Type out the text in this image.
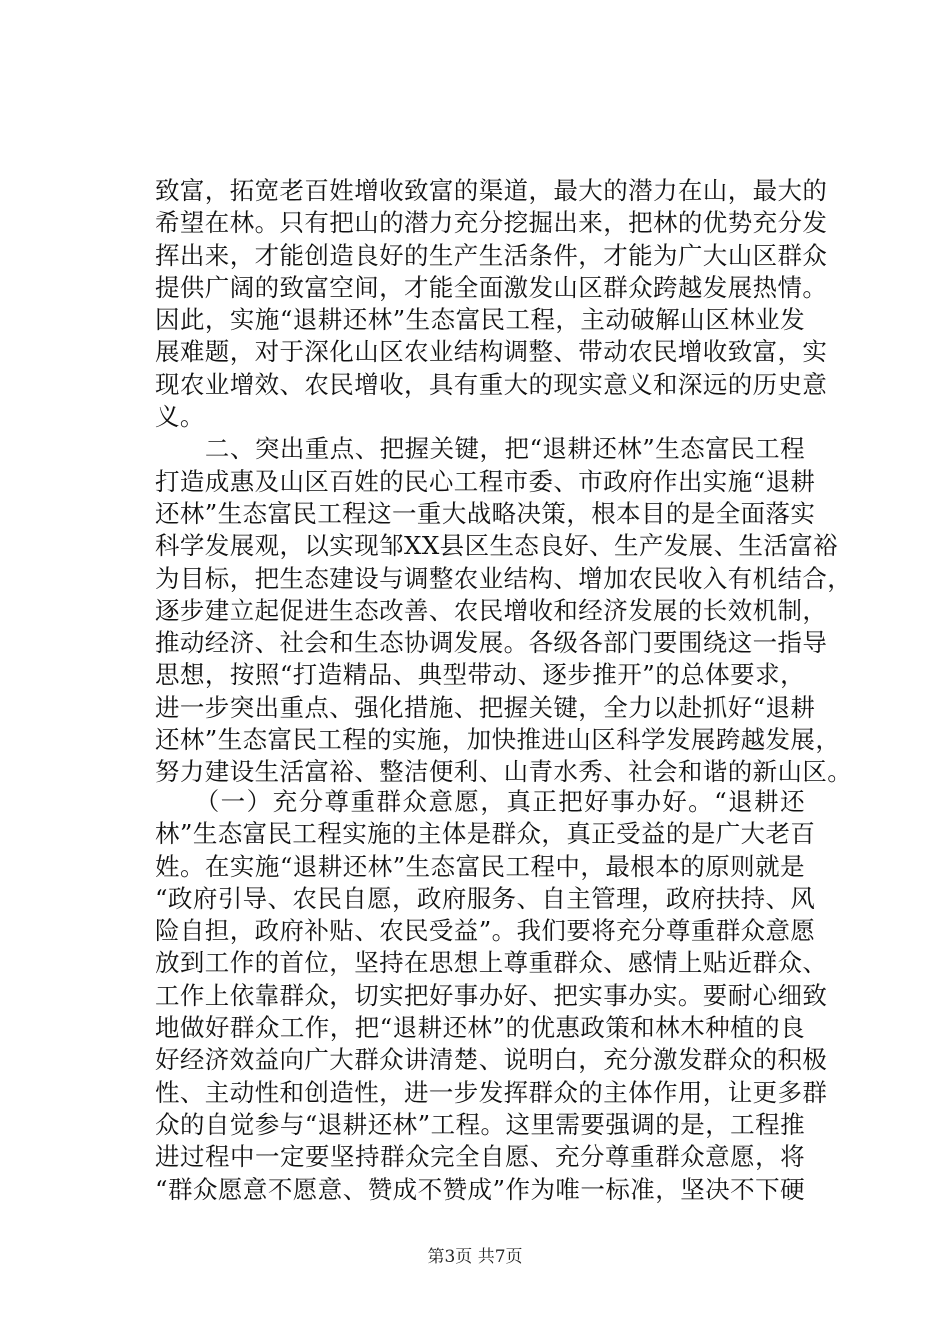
致富，拓宽老百姓增收致富的渠道，最大的潜力在山，最大的
希望在林。只有把山的潜力充分挖掘出来，把林的优势充分发
挥出来，才能创造良好的生产生活条件，才能为广大山区群众
提供广阔的致富空间，才能全面激发山区群众跨越发展热情。
因此，实施“退耕还林”生态富民工程，主动破解山区林业发
展难题，对于深化山区农业结构调整、带动农民增收致富，实
现农业增效、农民增收，具有重大的现实意义和深远的历史意
义。
　　二、突出重点、把握关键，把“退耕还林”生态富民工程
打造成惠及山区百姓的民心工程市委、市政府作出实施“退耕
还林”生态富民工程这一重大战略决策，根本目的是全面落实
科学发展观，以实现邹XX县区生态良好、生产发展、生活富裕
为目标，把生态建设与调整农业结构、增加农民收入有机结合，
逐步建立起促进生态改善、农民增收和经济发展的长效机制，
推动经济、社会和生态协调发展。各级各部门要围绕这一指导
思想，按照“打造精品、典型带动、逐步推开”的总体要求，
进一步突出重点、强化措施、把握关键，全力以赴抓好“退耕
还林”生态富民工程的实施，加快推进山区科学发展跨越发展，
努力建设生活富裕、整洁便利、山青水秀、社会和谐的新山区。
　　（一）充分尊重群众意愿，真正把好事办好。“退耕还
林”生态富民工程实施的主体是群众，真正受益的是广大老百
姓。在实施“退耕还林”生态富民工程中，最根本的原则就是
“政府引导、农民自愿，政府服务、自主管理，政府扶持、风
险自担，政府补贴、农民受益”。我们要将充分尊重群众意愿
放到工作的首位，坚持在思想上尊重群众、感情上贴近群众、
工作上依靠群众，切实把好事办好、把实事办实。要耐心细致
地做好群众工作，把“退耕还林”的优惠政策和林木种植的良
好经济效益向广大群众讲清楚、说明白，充分激发群众的积极
性、主动性和创造性，进一步发挥群众的主体作用，让更多群
众的自觉参与“退耕还林”工程。这里需要强调的是，工程推
进过程中一定要坚持群众完全自愿、充分尊重群众意愿，将
“群众愿意不愿意、赞成不赞成”作为唯一标准，坚决不下硬
第3页 共7页
